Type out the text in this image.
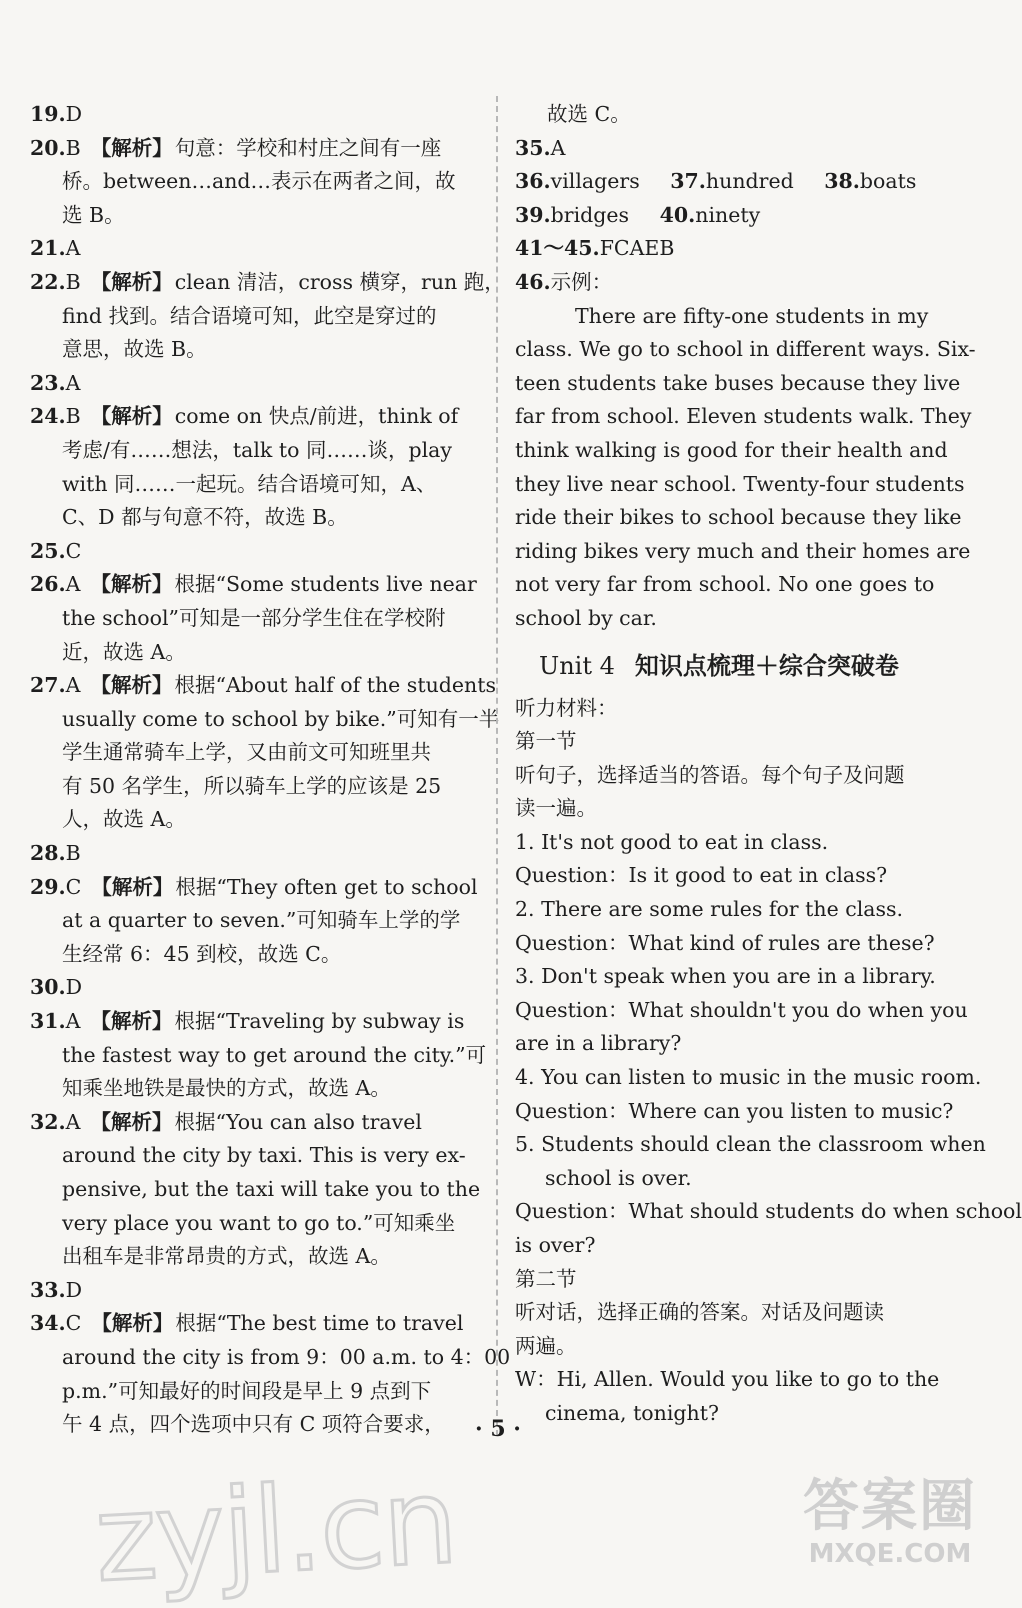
19.D
20.B 【解析】句意：学校和村庄之间有一座
桥。between…and…表示在两者之间，故
选 B。
21.A
22.B 【解析】clean 清洁，cross 横穿，run 跑，
find 找到。结合语境可知，此空是穿过的
意思，故选 B。
23.A
24.B 【解析】come on 快点/前进，think of
考虑/有……想法，talk to 同……谈，play
with 同……一起玩。结合语境可知，A、
C、D 都与句意不符，故选 B。
25.C
26.A 【解析】根据“Some students live near
the school”可知是一部分学生住在学校附
近，故选 A。
27.A 【解析】根据“About half of the students
usually come to school by bike.”可知有一半
学生通常骑车上学，又由前文可知班里共
有 50 名学生，所以骑车上学的应该是 25
人，故选 A。
28.B
29.C 【解析】根据“They often get to school
at a quarter to seven.”可知骑车上学的学
生经常 6：45 到校，故选 C。
30.D
31.A 【解析】根据“Traveling by subway is
the fastest way to get around the city.”可
知乘坐地铁是最快的方式，故选 A。
32.A 【解析】根据“You can also travel
around the city by taxi. This is very ex-
pensive, but the taxi will take you to the
very place you want to go to.”可知乘坐
出租车是非常昂贵的方式，故选 A。
33.D
34.C 【解析】根据“The best time to travel
around the city is from 9：00 a.m. to 4：00
p.m.”可知最好的时间段是早上 9 点到下
午 4 点，四个选项中只有 C 项符合要求，
故选 C。
35.A
36.villagers 37.hundred 38.boats
39.bridges 40.ninety
41～45.FCAEB
46.示例：
There are fifty-one students in my
class. We go to school in different ways. Six-
teen students take buses because they live
far from school. Eleven students walk. They
think walking is good for their health and
they live near school. Twenty-four students
ride their bikes to school because they like
riding bikes very much and their homes are
not very far from school. No one goes to
school by car.
Unit 4 知识点梳理＋综合突破卷
听力材料：
第一节
听句子，选择适当的答语。每个句子及问题
读一遍。
1. It's not good to eat in class.
Question：Is it good to eat in class?
2. There are some rules for the class.
Question：What kind of rules are these?
3. Don't speak when you are in a library.
Question：What shouldn't you do when you
are in a library?
4. You can listen to music in the music room.
Question：Where can you listen to music?
5. Students should clean the classroom when
school is over.
Question：What should students do when school
is over?
第二节
听对话，选择正确的答案。对话及问题读
两遍。
W：Hi, Allen. Would you like to go to the
cinema, tonight?
· 5 ·
zyjl.cn	答案圈
MXQE.COM
